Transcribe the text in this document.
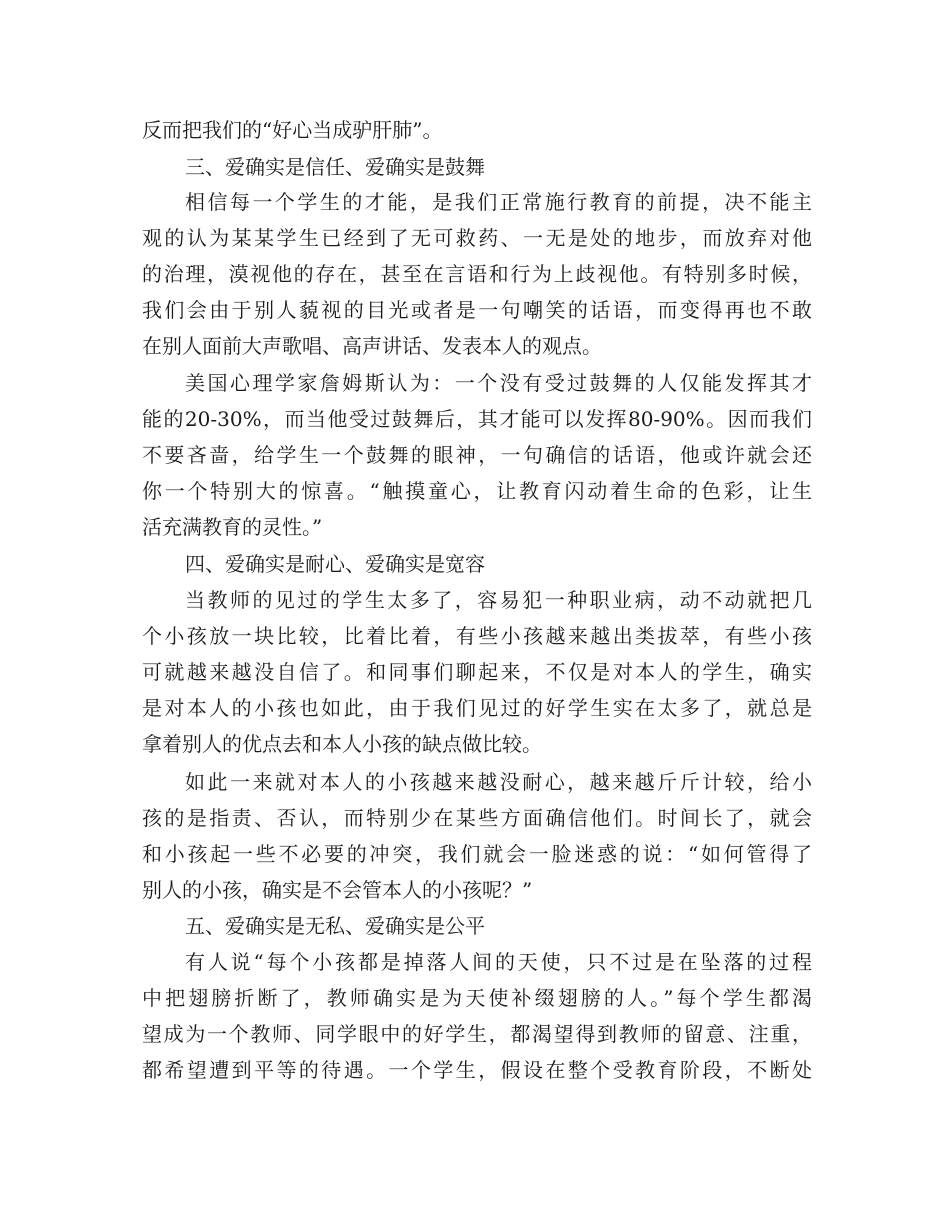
反而把我们的“好心当成驴肝肺”。
三、爱确实是信任、爱确实是鼓舞
相信每一个学生的才能，是我们正常施行教育的前提，决不能主
观的认为某某学生已经到了无可救药、一无是处的地步，而放弃对他
的治理，漠视他的存在，甚至在言语和行为上歧视他。有特别多时候，
我们会由于别人藐视的目光或者是一句嘲笑的话语，而变得再也不敢
在别人面前大声歌唱、高声讲话、发表本人的观点。
美国心理学家詹姆斯认为：一个没有受过鼓舞的人仅能发挥其才
能的20-30%，而当他受过鼓舞后，其才能可以发挥80-90%。因而我们
不要吝啬，给学生一个鼓舞的眼神，一句确信的话语，他或许就会还
你一个特别大的惊喜。“触摸童心，让教育闪动着生命的色彩，让生
活充满教育的灵性。”
四、爱确实是耐心、爱确实是宽容
当教师的见过的学生太多了，容易犯一种职业病，动不动就把几
个小孩放一块比较，比着比着，有些小孩越来越出类拔萃，有些小孩
可就越来越没自信了。和同事们聊起来，不仅是对本人的学生，确实
是对本人的小孩也如此，由于我们见过的好学生实在太多了，就总是
拿着别人的优点去和本人小孩的缺点做比较。
如此一来就对本人的小孩越来越没耐心，越来越斤斤计较，给小
孩的是指责、否认，而特别少在某些方面确信他们。时间长了，就会
和小孩起一些不必要的冲突，我们就会一脸迷惑的说：“如何管得了
别人的小孩，确实是不会管本人的小孩呢？”
五、爱确实是无私、爱确实是公平
有人说“每个小孩都是掉落人间的天使，只不过是在坠落的过程
中把翅膀折断了，教师确实是为天使补缀翅膀的人。”每个学生都渴
望成为一个教师、同学眼中的好学生，都渴望得到教师的留意、注重，
都希望遭到平等的待遇。一个学生，假设在整个受教育阶段，不断处
